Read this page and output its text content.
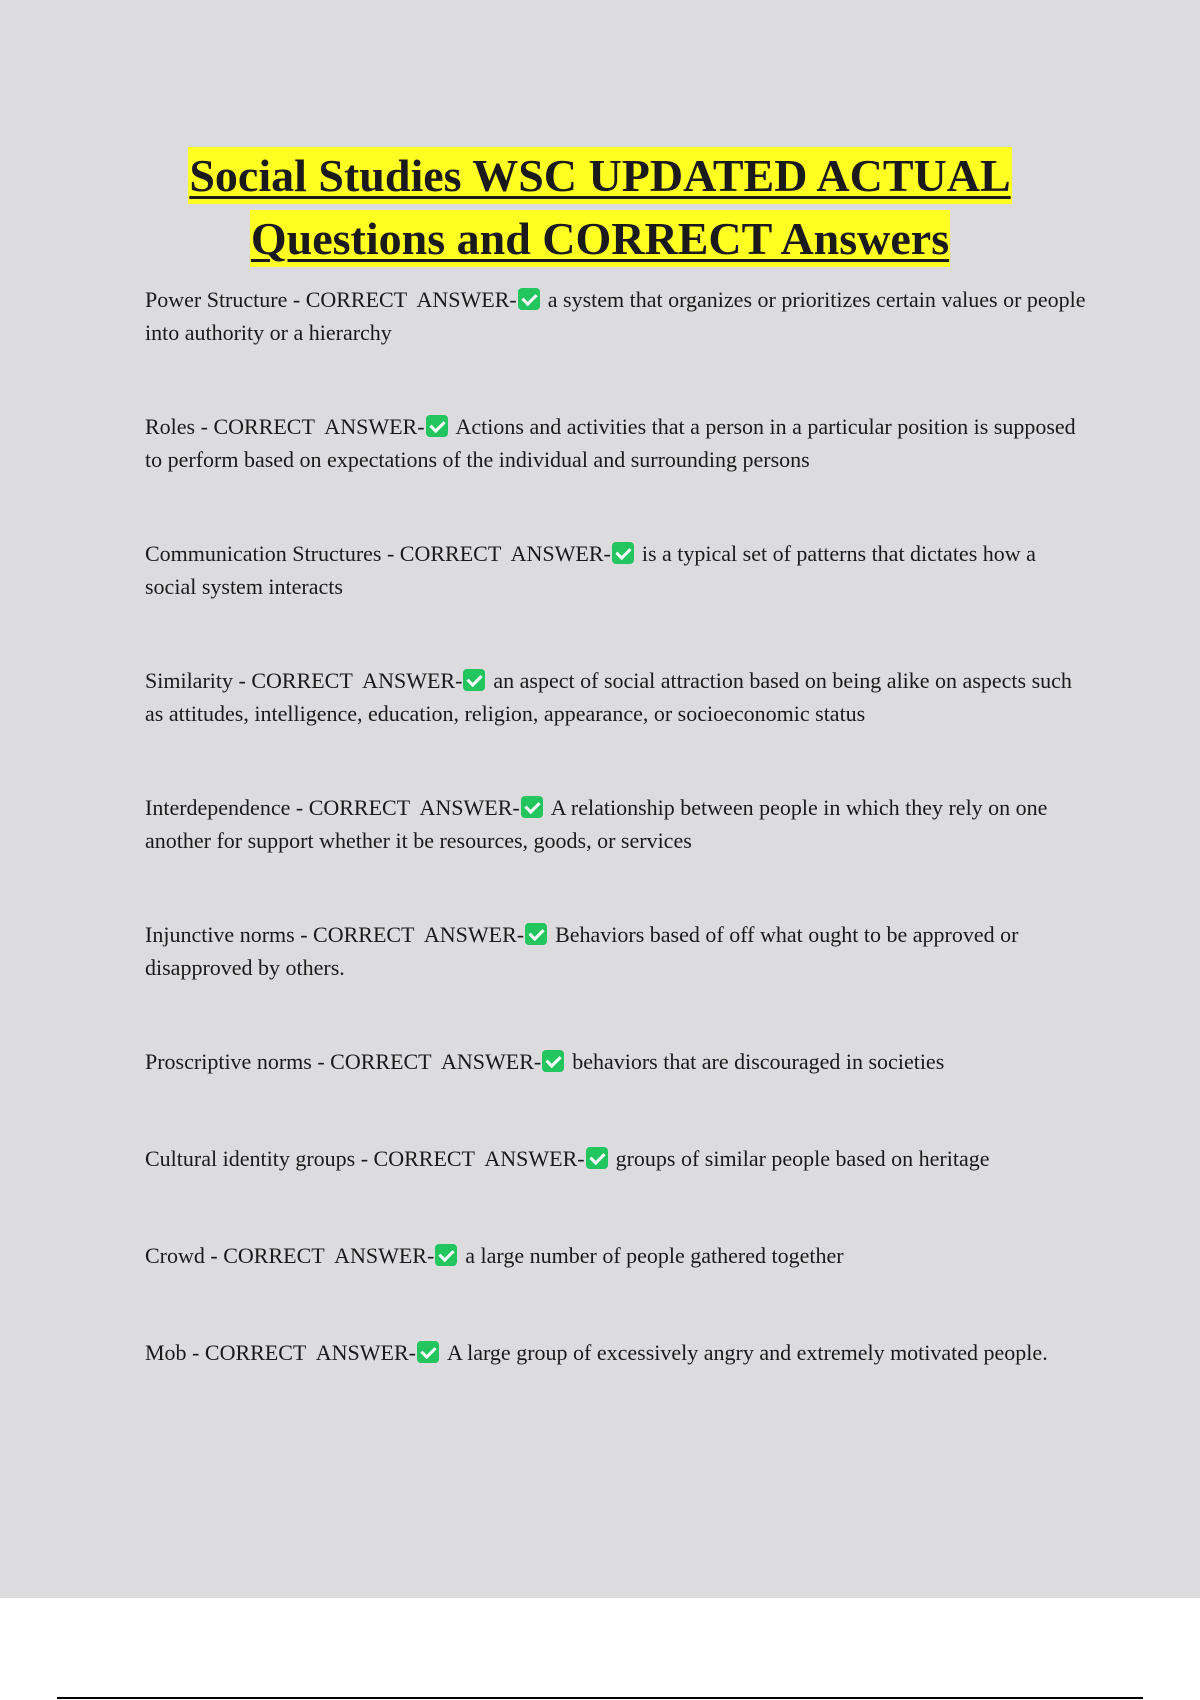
Social Studies WSC UPDATED ACTUAL
Questions and CORRECT Answers
Power Structure - CORRECT  ANSWER- a system that organizes or prioritizes certain values or people into authority or a hierarchy
Roles - CORRECT  ANSWER- Actions and activities that a person in a particular position is supposed to perform based on expectations of the individual and surrounding persons
Communication Structures - CORRECT  ANSWER- is a typical set of patterns that dictates how a social system interacts
Similarity - CORRECT  ANSWER- an aspect of social attraction based on being alike on aspects such as attitudes, intelligence, education, religion, appearance, or socioeconomic status
Interdependence - CORRECT  ANSWER- A relationship between people in which they rely on one another for support whether it be resources, goods, or services
Injunctive norms - CORRECT  ANSWER- Behaviors based of off what ought to be approved or disapproved by others.
Proscriptive norms - CORRECT  ANSWER- behaviors that are discouraged in societies
Cultural identity groups - CORRECT  ANSWER- groups of similar people based on heritage
Crowd - CORRECT  ANSWER- a large number of people gathered together
Mob - CORRECT  ANSWER- A large group of excessively angry and extremely motivated people.
